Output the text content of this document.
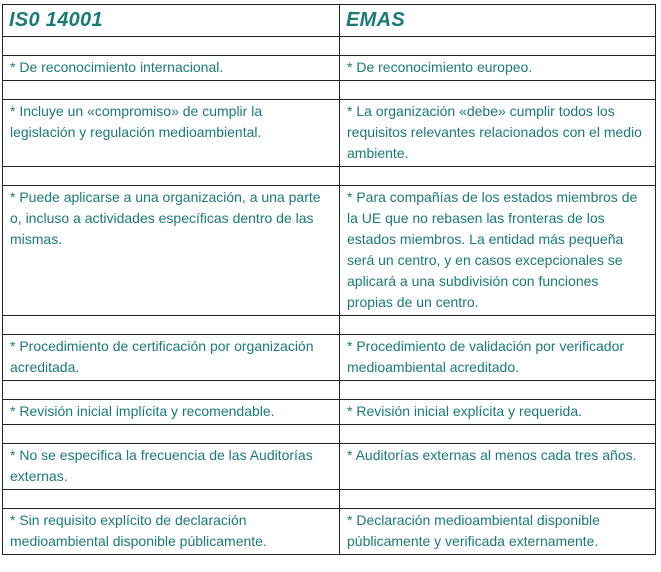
IS0 14001	EMAS

* De reconocimiento internacional.	* De reconocimiento europeo.

* Incluye un «compromiso» de cumplir la legislación y regulación medioambiental.	* La organización «debe» cumplir todos los requisitos relevantes relacionados con el medio ambiente.

* Puede aplicarse a una organización, a una parte o, incluso a actividades específicas dentro de las mismas.	* Para compañías de los estados miembros de la UE que no rebasen las fronteras de los estados miembros. La entidad más pequeña será un centro, y en casos excepcionales se aplicará a una subdivisión con funciones propias de un centro.

* Procedimiento de certificación por organización acreditada.	* Procedimiento de validación por verificador medioambiental acreditado.

* Revisión inicial implícita y recomendable.	* Revisión inicial explícita y requerida.

* No se especifica la frecuencia de las Auditorías externas.	* Auditorías externas al menos cada tres años.

* Sin requisito explícito de declaración medioambiental disponible públicamente.	* Declaración medioambiental disponible públicamente y verificada externamente.
